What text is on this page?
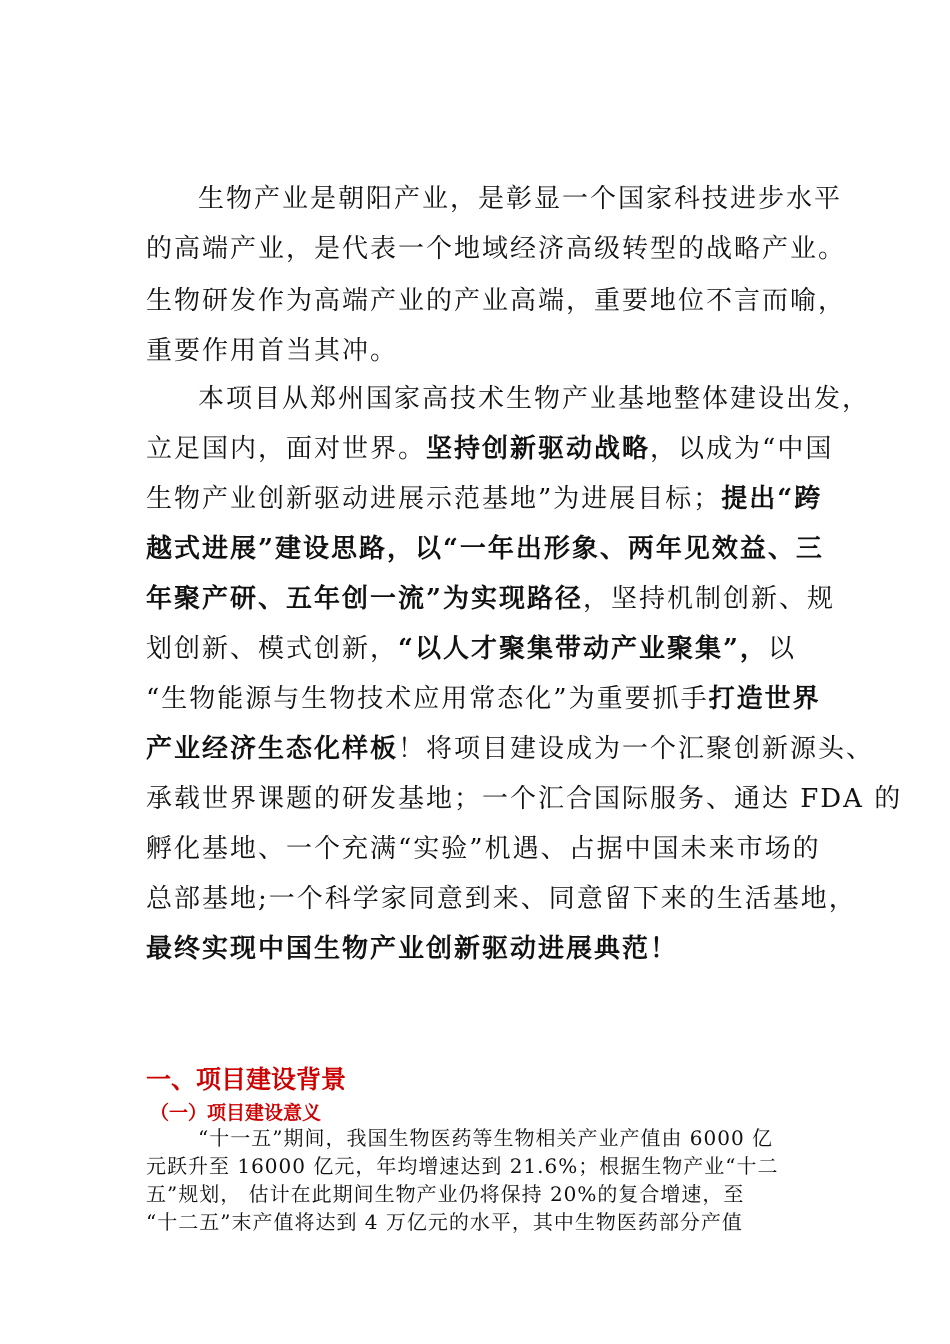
生物产业是朝阳产业，是彰显一个国家科技进步水平
的高端产业，是代表一个地域经济高级转型的战略产业。
生物研发作为高端产业的产业高端，重要地位不言而喻，
重要作用首当其冲。
本项目从郑州国家高技术生物产业基地整体建设出发，
立足国内，面对世界。坚持创新驱动战略，以成为“中国
生物产业创新驱动进展示范基地”为进展目标；提出“跨
越式进展”建设思路，以“一年出形象、两年见效益、三
年聚产研、五年创一流”为实现路径，坚持机制创新、规
划创新、模式创新，“以人才聚集带动产业聚集”，以
“生物能源与生物技术应用常态化”为重要抓手打造世界
产业经济生态化样板！将项目建设成为一个汇聚创新源头、
承载世界课题的研发基地；一个汇合国际服务、通达 FDA 的
孵化基地、一个充满“实验”机遇、占据中国未来市场的
总部基地;一个科学家同意到来、同意留下来的生活基地，
最终实现中国生物产业创新驱动进展典范！
一、项目建设背景
（一）项目建设意义
“十一五”期间，我国生物医药等生物相关产业产值由 6000 亿
元跃升至 16000 亿元，年均增速达到 21.6%；根据生物产业“十二
五”规划， 估计在此期间生物产业仍将保持 20%的复合增速，至
“十二五”末产值将达到 4 万亿元的水平，其中生物医药部分产值
